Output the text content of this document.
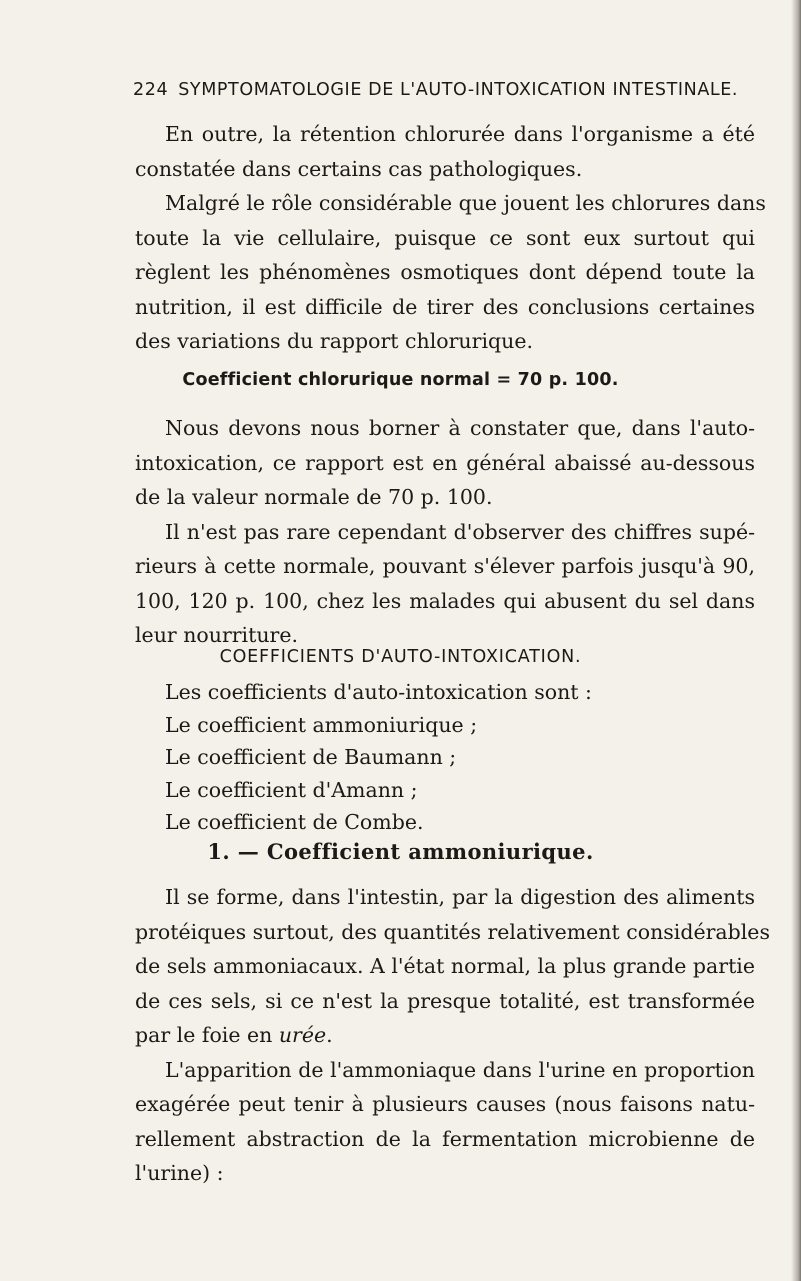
224 SYMPTOMATOLOGIE DE L'AUTO-INTOXICATION INTESTINALE.
En outre, la rétention chlorurée dans l'organisme a été
constatée dans certains cas pathologiques.
Malgré le rôle considérable que jouent les chlorures dans
toute la vie cellulaire, puisque ce sont eux surtout qui
règlent les phénomènes osmotiques dont dépend toute la
nutrition, il est difficile de tirer des conclusions certaines
des variations du rapport chlorurique.
Coefficient chlorurique normal = 70 p. 100.
Nous devons nous borner à constater que, dans l'auto-
intoxication, ce rapport est en général abaissé au-dessous
de la valeur normale de 70 p. 100.
Il n'est pas rare cependant d'observer des chiffres supé-
rieurs à cette normale, pouvant s'élever parfois jusqu'à 90,
100, 120 p. 100, chez les malades qui abusent du sel dans
leur nourriture.
COEFFICIENTS D'AUTO-INTOXICATION.
Les coefficients d'auto-intoxication sont :
Le coefficient ammoniurique ;
Le coefficient de Baumann ;
Le coefficient d'Amann ;
Le coefficient de Combe.
1. — Coefficient ammoniurique.
Il se forme, dans l'intestin, par la digestion des aliments
protéiques surtout, des quantités relativement considérables
de sels ammoniacaux. A l'état normal, la plus grande partie
de ces sels, si ce n'est la presque totalité, est transformée
par le foie en urée.
L'apparition de l'ammoniaque dans l'urine en proportion
exagérée peut tenir à plusieurs causes (nous faisons natu-
rellement abstraction de la fermentation microbienne de
l'urine) :
